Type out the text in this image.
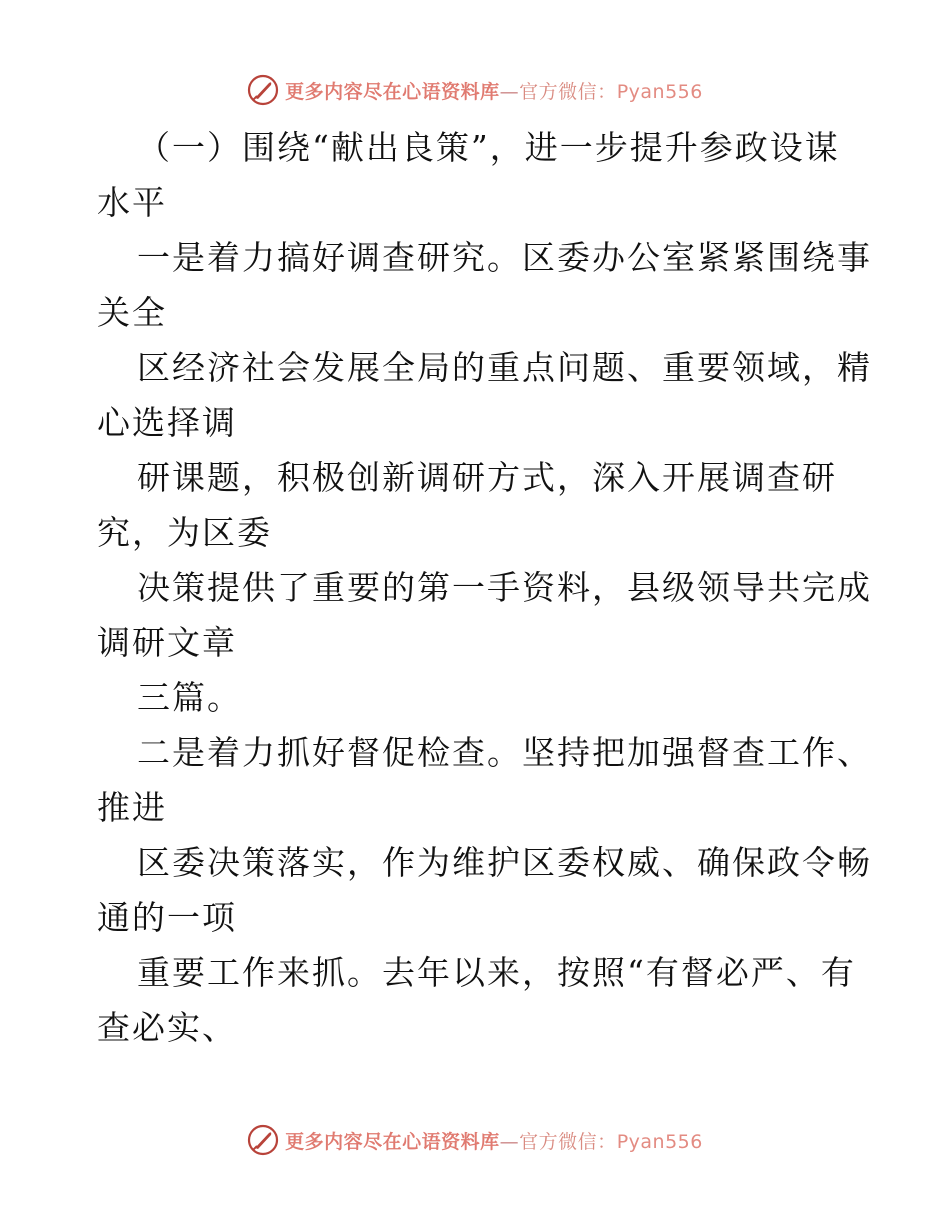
更多内容尽在心语资料库—官方微信：Pyan556
（一）围绕“献出良策”，进一步提升参政设谋
水平
一是着力搞好调查研究。区委办公室紧紧围绕事
关全
区经济社会发展全局的重点问题、重要领域，精
心选择调
研课题，积极创新调研方式，深入开展调查研
究，为区委
决策提供了重要的第一手资料，县级领导共完成
调研文章
三篇。
二是着力抓好督促检查。坚持把加强督查工作、
推进
区委决策落实，作为维护区委权威、确保政令畅
通的一项
重要工作来抓。去年以来，按照“有督必严、有
查必实、
更多内容尽在心语资料库—官方微信：Pyan556
